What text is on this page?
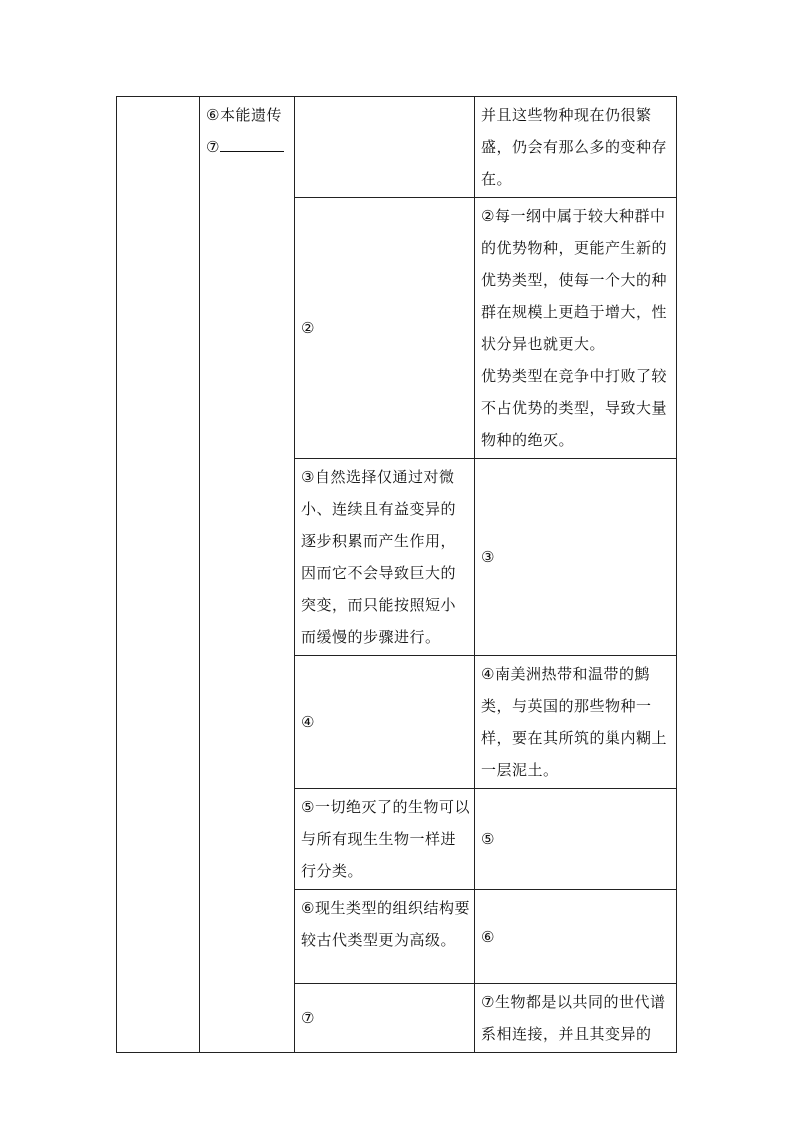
	⑥本能遗传
⑦		并且这些物种现在仍很繁盛，仍会有那么多的变种存在。
		②	②每一纲中属于较大种群中的优势物种，更能产生新的优势类型，使每一个大的种群在规模上更趋于增大，性状分异也就更大。
优势类型在竞争中打败了较不占优势的类型，导致大量物种的绝灭。

		③自然选择仅通过对微小、连续且有益变异的逐步积累而产生作用，因而它不会导致巨大的突变，而只能按照短小而缓慢的步骤进行。	③
		④	④南美洲热带和温带的鹪类，与英国的那些物种一样，要在其所筑的巢内糊上一层泥土。
		⑤一切绝灭了的生物可以与所有现生生物一样进行分类。	⑤
		⑥现生类型的组织结构要较古代类型更为高级。	⑥
		⑦	⑦生物都是以共同的世代谱系相连接，并且其变异的
